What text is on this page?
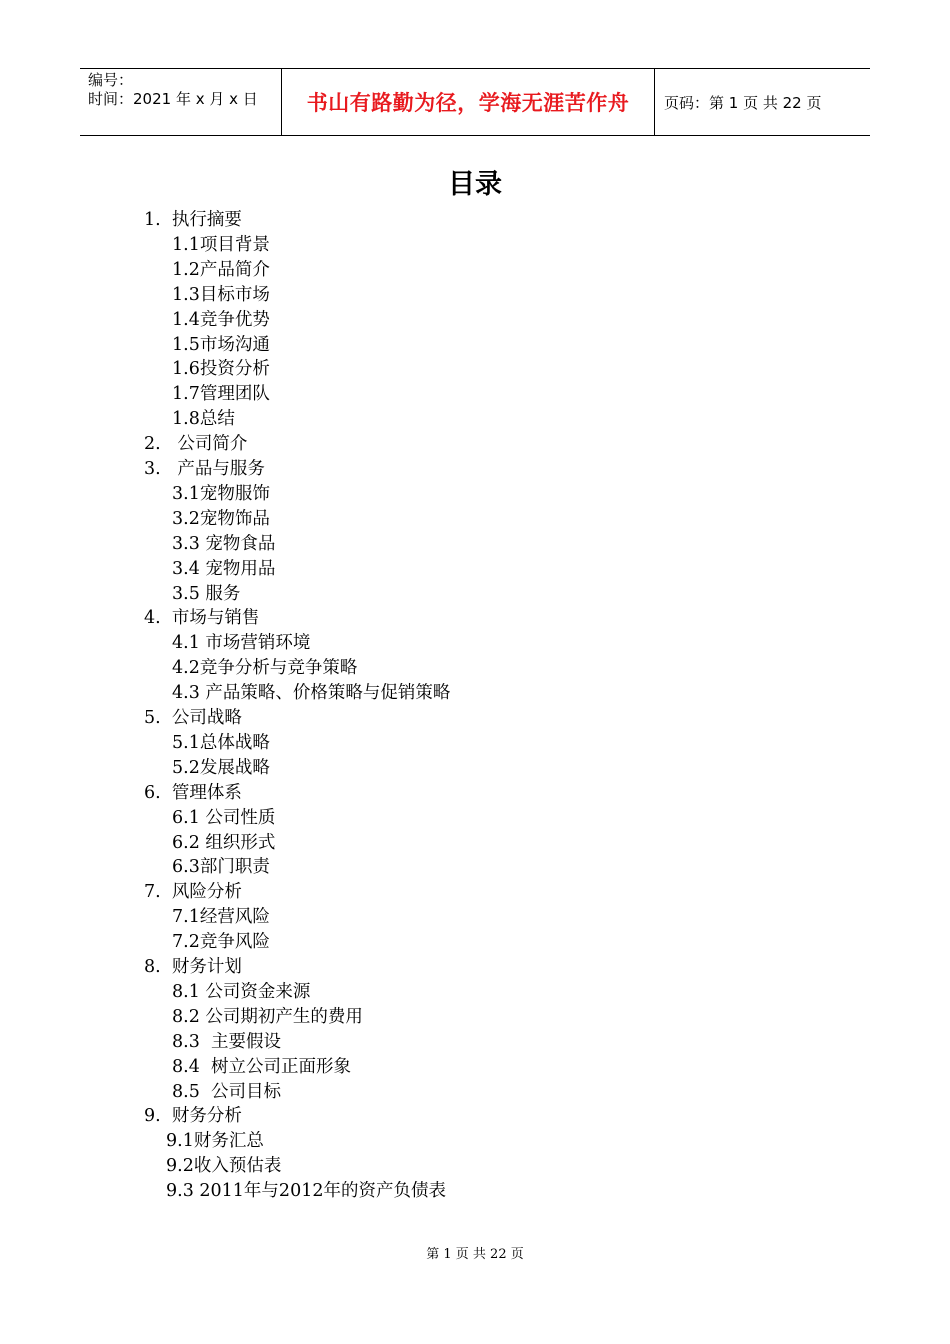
编号：
时间：2021 年 x 月 x 日	书山有路勤为径，学海无涯苦作舟	页码：第 1 页 共 22 页
目录
1.  执行摘要
1.1项目背景
1.2产品简介
1.3目标市场
1.4竞争优势
1.5市场沟通
1.6投资分析
1.7管理团队
1.8总结
2.   公司简介
3.   产品与服务
3.1宠物服饰
3.2宠物饰品
3.3 宠物食品
3.4 宠物用品
3.5 服务
4.  市场与销售
4.1 市场营销环境
4.2竞争分析与竞争策略
4.3 产品策略、价格策略与促销策略
5.  公司战略
5.1总体战略
5.2发展战略
6.  管理体系
6.1 公司性质
6.2 组织形式
6.3部门职责
7.  风险分析
7.1经营风险
7.2竞争风险
8.  财务计划
8.1 公司资金来源
8.2 公司期初产生的费用
8.3  主要假设
8.4  树立公司正面形象
8.5  公司目标
9.  财务分析
9.1财务汇总
9.2收入预估表
9.3 2011年与2012年的资产负债表
第 1 页 共 22 页
